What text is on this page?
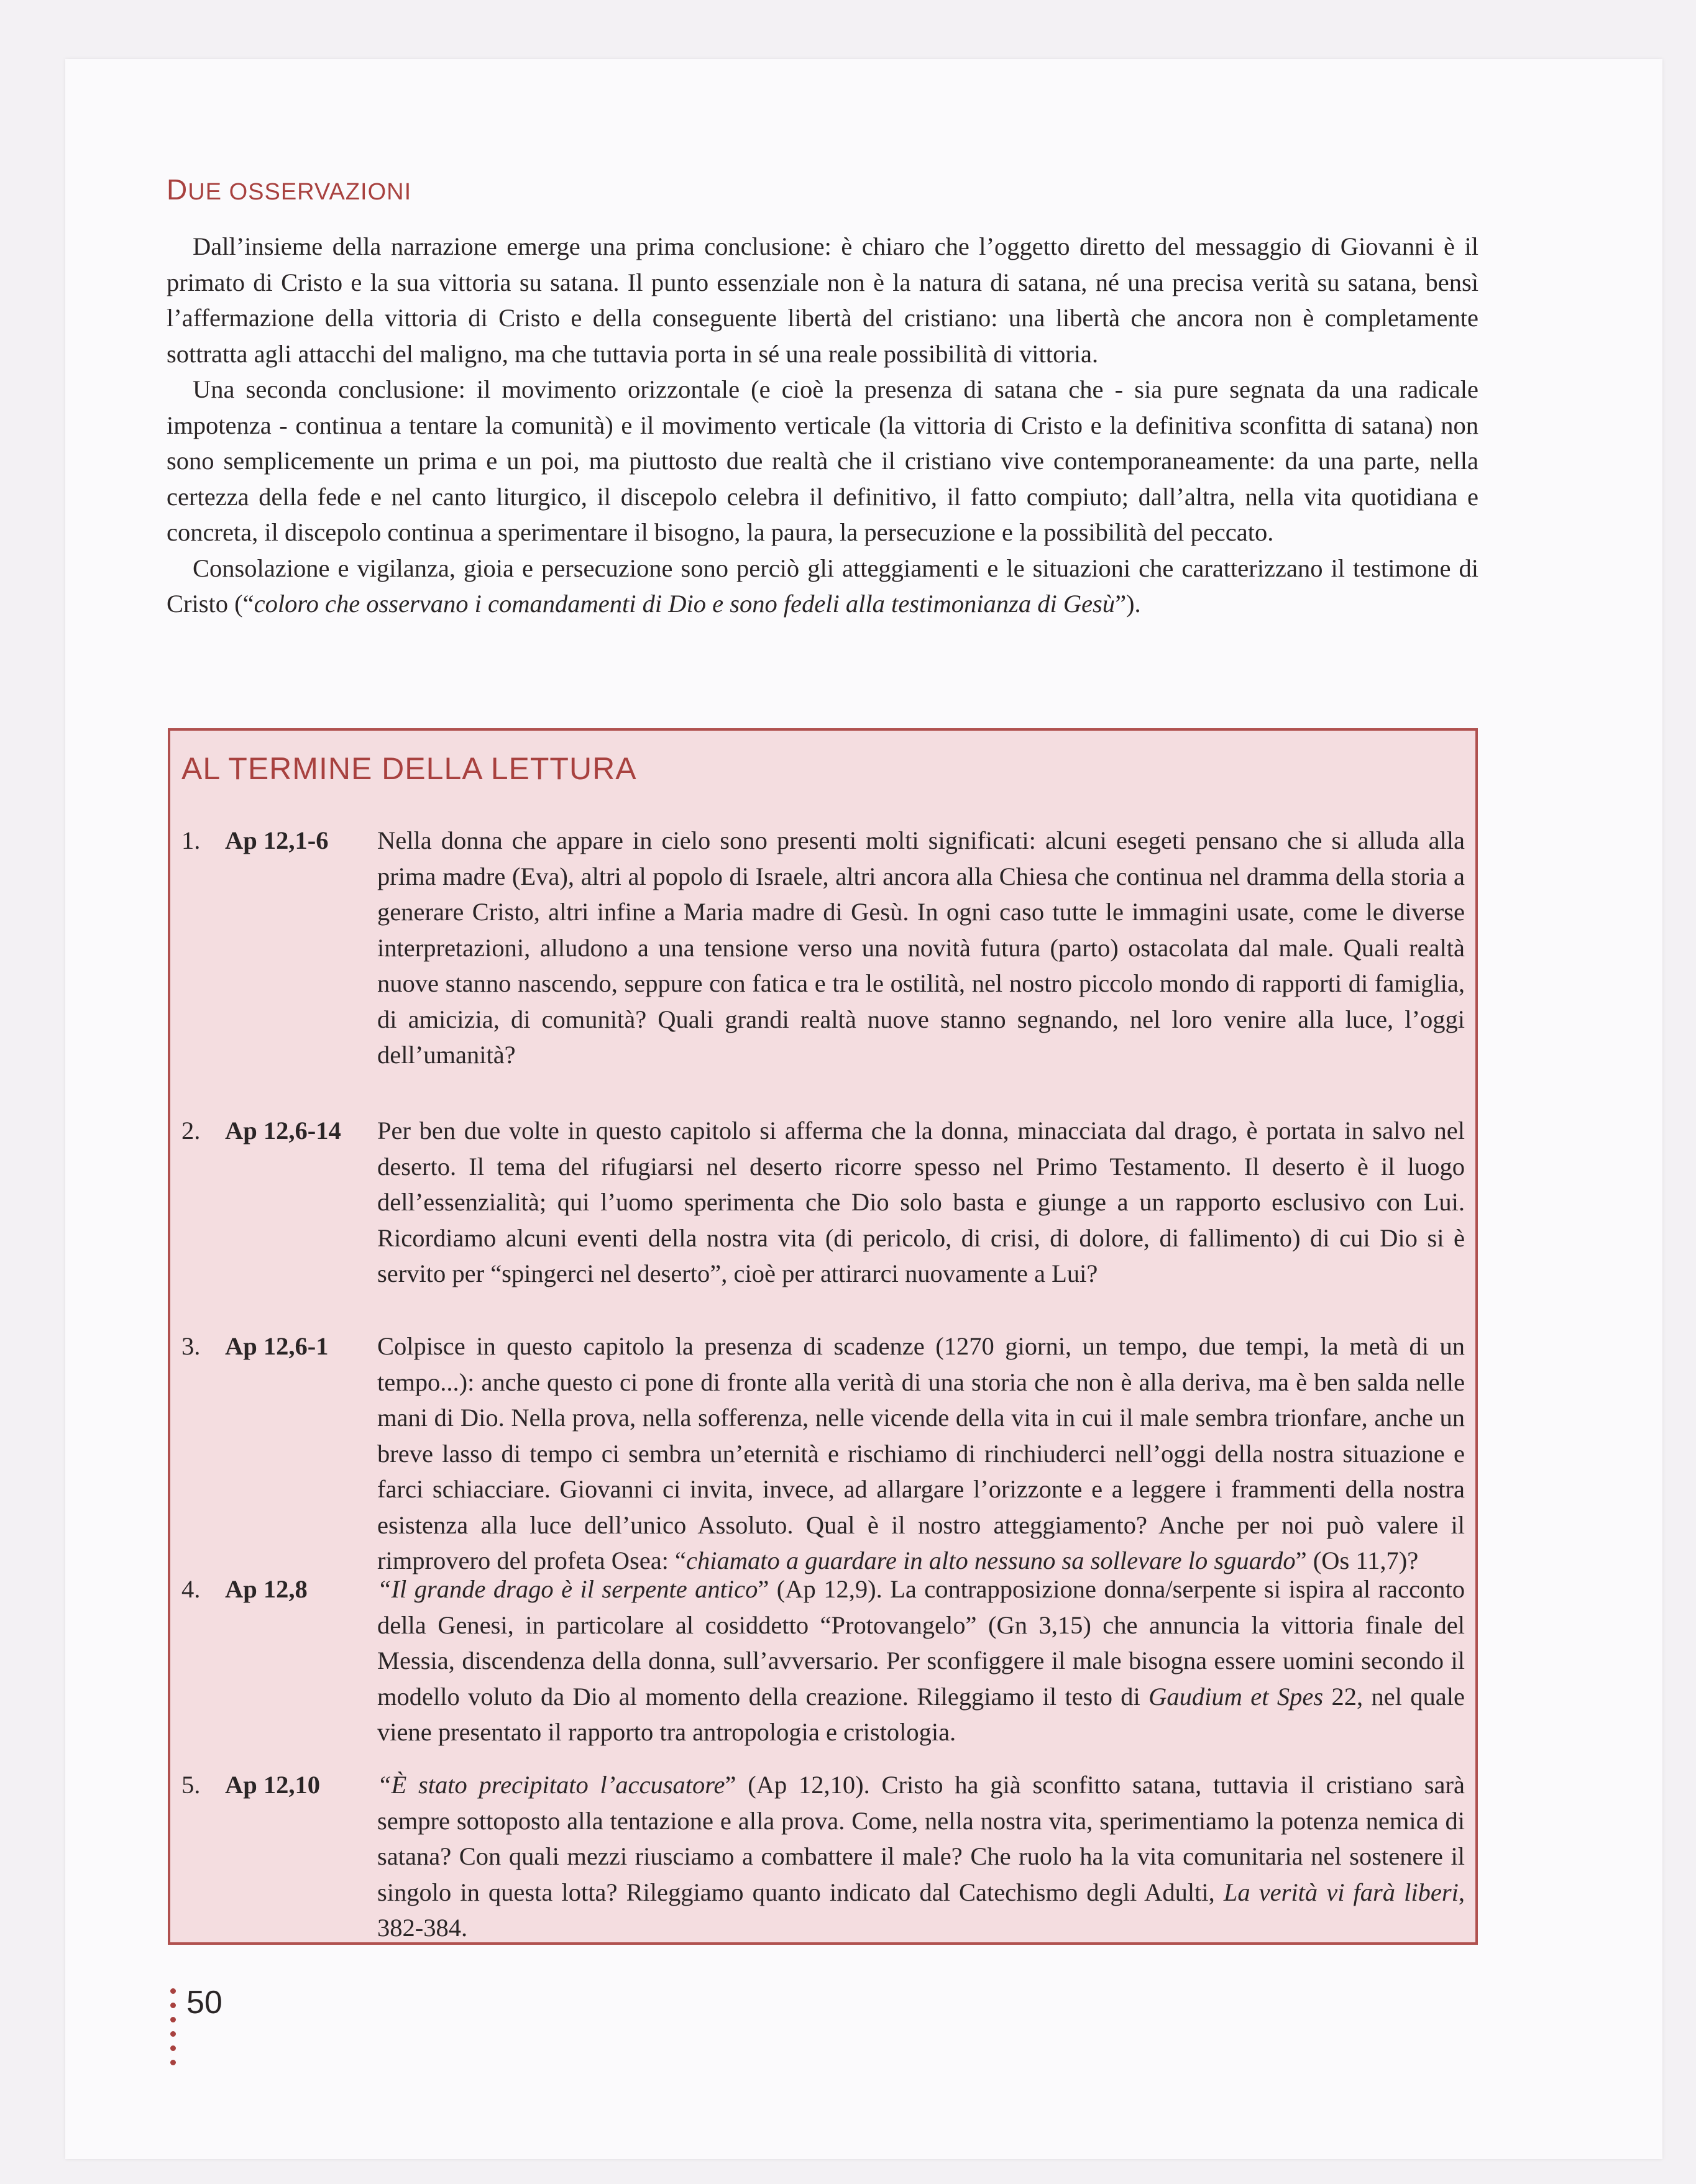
DUE OSSERVAZIONI

Dall’insieme della narrazione emerge una prima conclusione: è chiaro che l’oggetto diretto del messaggio di Giovanni è il primato di Cristo e la sua vittoria su satana. Il punto essenziale non è la natura di satana, né una precisa verità su satana, bensì l’affermazione della vittoria di Cristo e della conseguente libertà del cristiano: una libertà che ancora non è completamente sottratta agli attacchi del maligno, ma che tuttavia porta in sé una reale possibilità di vittoria.

Una seconda conclusione: il movimento orizzontale (e cioè la presenza di satana che - sia pure segnata da una radicale impotenza - continua a tentare la comunità) e il movimento verticale (la vittoria di Cristo e la definitiva sconfitta di satana) non sono semplicemente un prima e un poi, ma piuttosto due realtà che il cristiano vive contemporaneamente: da una parte, nella certezza della fede e nel canto liturgico, il discepolo celebra il definitivo, il fatto compiuto; dall’altra, nella vita quotidiana e concreta, il discepolo continua a sperimentare il bisogno, la paura, la persecuzione e la possibilità del peccato.

Consolazione e vigilanza, gioia e persecuzione sono perciò gli atteggiamenti e le situazioni che caratterizzano il testimone di Cristo (“coloro che osservano i comandamenti di Dio e sono fedeli alla testimonianza di Gesù”).

AL TERMINE DELLA LETTURA
1. Ap 12,1-6 Nella donna che appare in cielo sono presenti molti significati: alcuni esegeti pensano che si alluda alla prima madre (Eva), altri al popolo di Israele, altri ancora alla Chiesa che continua nel dramma della storia a generare Cristo, altri infine a Maria madre di Gesù. In ogni caso tutte le immagini usate, come le diverse interpretazioni, alludono a una tensione verso una novità futura (parto) ostacolata dal male. Quali realtà nuove stanno nascendo, seppure con fatica e tra le ostilità, nel nostro piccolo mondo di rapporti di famiglia, di amicizia, di comunità? Quali grandi realtà nuove stanno segnando, nel loro venire alla luce, l’oggi dell’umanità?
2. Ap 12,6-14 Per ben due volte in questo capitolo si afferma che la donna, minacciata dal drago, è portata in salvo nel deserto. Il tema del rifugiarsi nel deserto ricorre spesso nel Primo Testamento. Il deserto è il luogo dell’essenzialità; qui l’uomo sperimenta che Dio solo basta e giunge a un rapporto esclusivo con Lui. Ricordiamo alcuni eventi della nostra vita (di pericolo, di crisi, di dolore, di fallimento) di cui Dio si è servito per “spingerci nel deserto”, cioè per attirarci nuovamente a Lui?
3. Ap 12,6-1 Colpisce in questo capitolo la presenza di scadenze (1270 giorni, un tempo, due tempi, la metà di un tempo...): anche questo ci pone di fronte alla verità di una storia che non è alla deriva, ma è ben salda nelle mani di Dio. Nella prova, nella sofferenza, nelle vicende della vita in cui il male sembra trionfare, anche un breve lasso di tempo ci sembra un’eternità e rischiamo di rinchiuderci nell’oggi della nostra situazione e farci schiacciare. Giovanni ci invita, invece, ad allargare l’orizzonte e a leggere i frammenti della nostra esistenza alla luce dell’unico Assoluto. Qual è il nostro atteggiamento? Anche per noi può valere il rimprovero del profeta Osea: “chiamato a guardare in alto nessuno sa sollevare lo sguardo” (Os 11,7)?
4. Ap 12,8	“Il grande drago è il serpente antico” (Ap 12,9). La contrapposizione donna/serpente si ispira al racconto della Genesi, in particolare al cosiddetto “Protovangelo” (Gn 3,15) che annuncia la vittoria finale del Messia, discendenza della donna, sull’avversario. Per sconfiggere il male bisogna essere uomini secondo il modello voluto da Dio al momento della creazione. Rileggiamo il testo di Gaudium et Spes 22, nel quale viene presentato il rapporto tra antropologia e cristologia.
5. Ap 12,10 “È stato precipitato l’accusatore” (Ap 12,10). Cristo ha già sconfitto satana, tuttavia il cristiano sarà sempre sottoposto alla tentazione e alla prova. Come, nella nostra vita, sperimentiamo la potenza nemica di satana? Con quali mezzi riusciamo a combattere il male? Che ruolo ha la vita comunitaria nel sostenere il singolo in questa lotta? Rileggiamo quanto indicato dal Catechismo degli Adulti, La verità vi farà liberi, 382-384.
50
